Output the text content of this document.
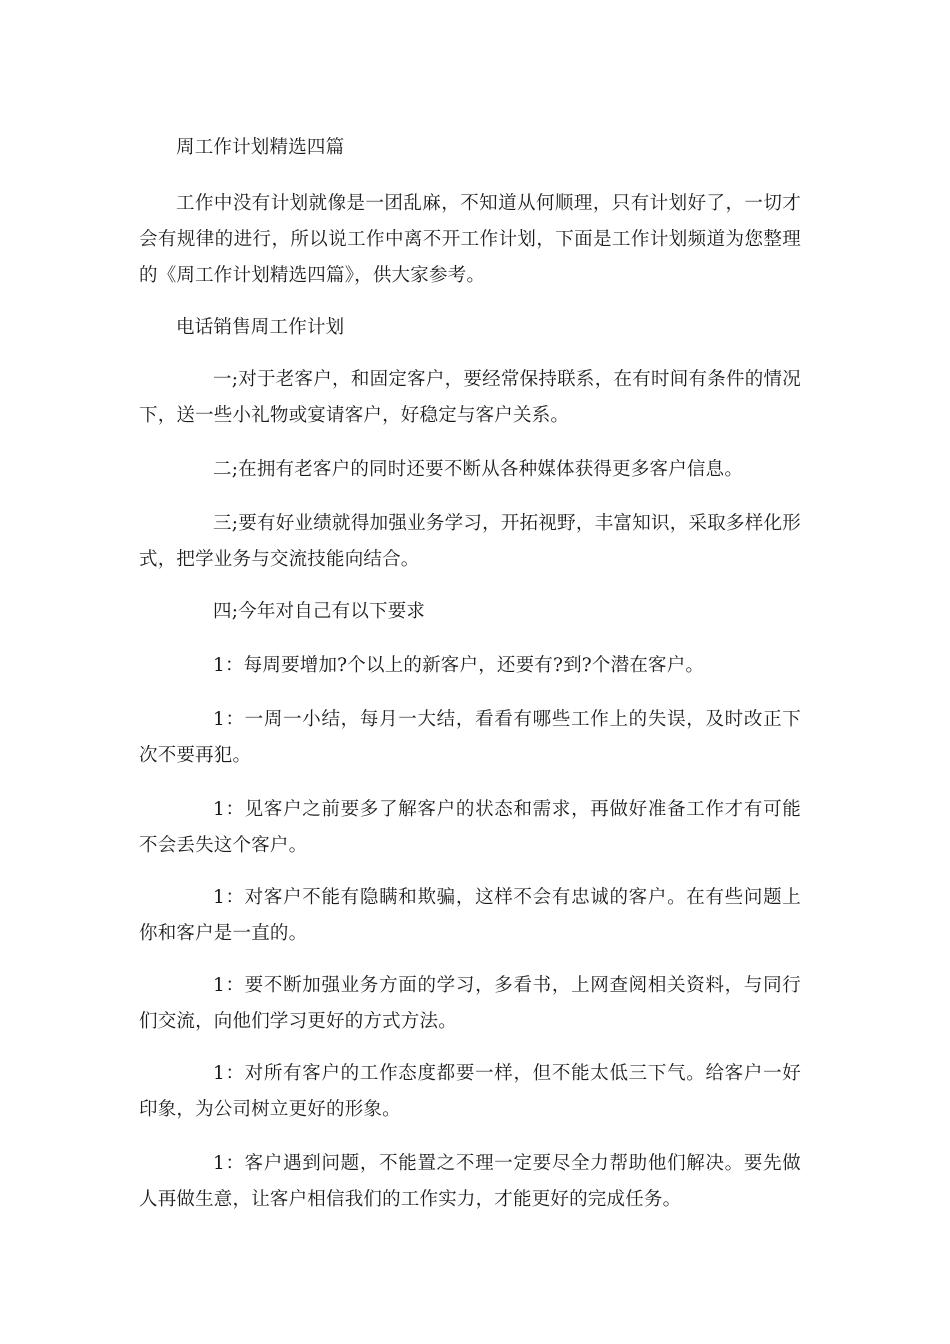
周工作计划精选四篇

工作中没有计划就像是一团乱麻，不知道从何顺理，只有计划好了，一切才会有规律的进行，所以说工作中离不开工作计划，下面是工作计划频道为您整理的《周工作计划精选四篇》，供大家参考。

电话销售周工作计划

一;对于老客户，和固定客户，要经常保持联系，在有时间有条件的情况下，送一些小礼物或宴请客户，好稳定与客户关系。

二;在拥有老客户的同时还要不断从各种媒体获得更多客户信息。

三;要有好业绩就得加强业务学习，开拓视野，丰富知识，采取多样化形式，把学业务与交流技能向结合。

四;今年对自己有以下要求

1：每周要增加?个以上的新客户，还要有?到?个潜在客户。

1：一周一小结，每月一大结，看看有哪些工作上的失误，及时改正下次不要再犯。

1：见客户之前要多了解客户的状态和需求，再做好准备工作才有可能不会丢失这个客户。

1：对客户不能有隐瞒和欺骗，这样不会有忠诚的客户。在有些问题上你和客户是一直的。

1：要不断加强业务方面的学习，多看书，上网查阅相关资料，与同行们交流，向他们学习更好的方式方法。

1：对所有客户的工作态度都要一样，但不能太低三下气。给客户一好印象，为公司树立更好的形象。

1：客户遇到问题，不能置之不理一定要尽全力帮助他们解决。要先做人再做生意，让客户相信我们的工作实力，才能更好的完成任务。
